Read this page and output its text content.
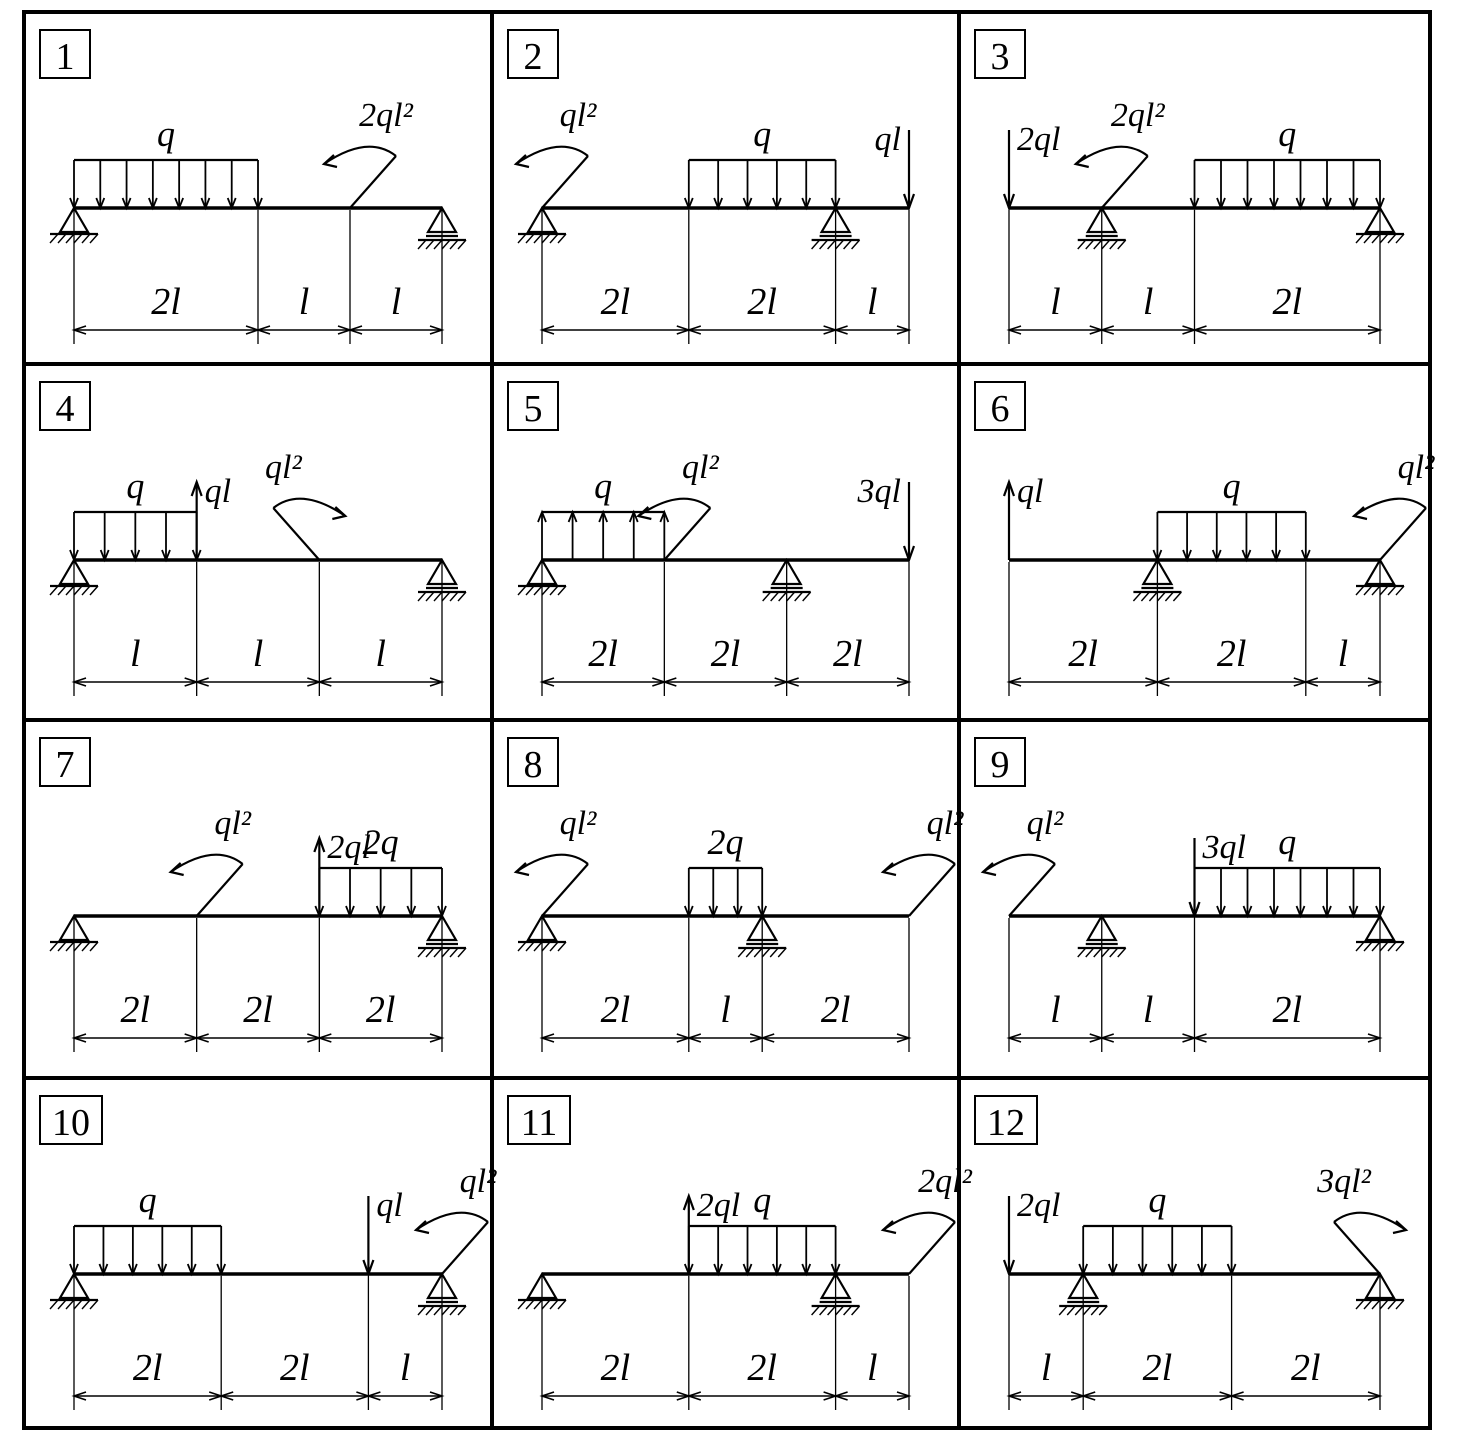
1
q	2ql²
2l	l l
2
q	ql
ql²
2l	2l l
3
q
2ql
2ql²
l l	2l
4
q ql
ql²
l	l	l
5
q	3ql
ql²
2l 2l 2l
6
q
ql
ql²
2l	2l l
7
2q
2ql
ql²
2l 2l 2l
8
2q
ql²	ql²
2l l 2l
9
q
3ql
ql²
l l	2l
10
q	ql
ql²
2l	2l l
11
q
2ql
2ql²
2l	2l l
12
q
2ql
3ql²
l 2l	2l
